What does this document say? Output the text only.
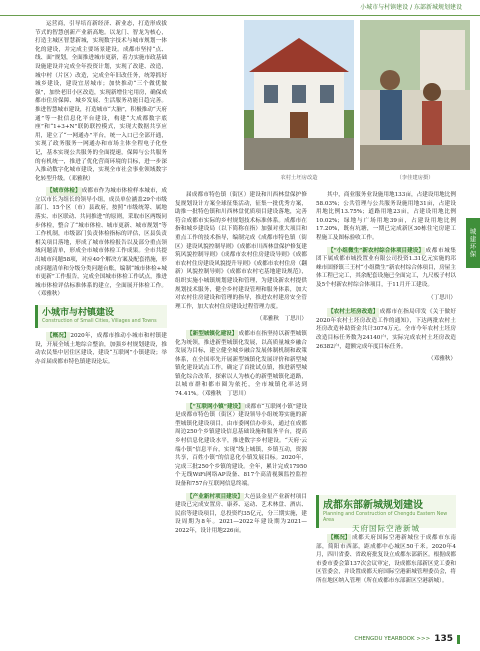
小城市与村镇建设 / 东部新城规划建设
城建环保

运营商，引导培育新经济、新业态，打造形成拔节式的智慧创新产业新高地。以龙门、智龙为核心，打造主城区智慧新城，实现数字技术与城市规划一体化的建设，并完成主要场景建设。成都市坚持“点、线、面”规划，全面推进城市更新，着力实施市政基础设施建设并完成全年投资计划，实现了改建、改造，城中村（片区）改造，完成全年旧改任务，统筹抓好城乡建设，建设宜居城市；加快推动“三个做优做强”，加快老旧小区改造，实现新增住宅用房，确保成都市住房保障、城乡发展、生活服务功能日趋完善。推进智慧城市建设，打造城市“大脑”，积极推动“天府通”等一批信息化平台建设，构建“大成都数字底座”和“1+3+N”联防联控模式，实现大数据共享应用，建立了“一网通办”平台，统一入口已全部开通，实现了政务服务一网通办和市场主体全程电子化登记，基本实现公共服务的全面提速，保障与公共服务的有机统一，推进了优化营商环境的目标，进一步深入推动数字化城市建设，实现全市社会事业领域数字化转型升级。（邓雅秋）

【城市体检】成都市作为城市体检样本城市，成立以市长为组长的领导小组，成员单位涵盖29个市级部门、15个区（市）县政府，按照“市级统筹、属地落实、市区联动、共同推进”的原则，采取市区两级同步体检，整合了“城市体检、城市更新、城市规划”等工作机制，市级部门负责体检指标的评估，区县负责相关项目落地，形成了城市体检报告以及部分重点领域问题清单，形成全市城市体检工作成果。全市共提出城市问题58项，对应40个解决方案及配套措施，形成问题清单和分级分类问题台账，编制“城市体检+城市更新”工作报告，完成全国城市体检工作试点，推进城市体检评估标准体系的建立，全面展开体检工作。（邓雅秋）

小城市与村镇建设
Construction of Small Cities, Villages and Towns

【概况】2020年，成都市推动小城市和村镇建设，开展全域土地综合整治，加强乡村规划建设，推动农民集中居住区建设，建设“互联网”小镇建设；举办首届成都市特色镇建设论坛。

农村土坯房改造	（李佳建房摄）

届成都市特色镇（街区）建设和川西林盘保护修复规划设计方案全球征集活动，征集一批优秀方案，助推一批特色镇和川西林盘优质项目建设落地，完善符合成都市实际的乡村规划技术标准体系。成都市在指和城乡建设局（以下简称在指）加强对重大项目和重点工作的技术指导，编制完成《成都市特色镇（街区）建设风貌控制导则》《成都市川西林盘保护修复建筑风貌控制导则》《成都市农村住房建设导则》《成都市农村住房建设风貌提升导则》《成都市农村住房（翻新）风貌控制导则》《成都市农村宅基地建设规范》，组织实施小城镇规划建设和管理，为建设新农村提供规划技术服务，健全乡村建设管理和服务体系，加大对农村住房建设和管理的指导，推进农村建房安全管理工作，加大农村住房建设过程管理力度。

（邓雅秋　丁思川）

【新型城镇化建设】成都市在指坚持以新型城镇化为统领，推进新型城镇化发展，以高质量城乡融合发展为目标，建立健全城乡融合发展体制机制和政策体系，在全国率先开展新型城镇化发展评价和新型城镇化建设试点工作，确定了首批试点镇，推进新型城镇化综合改革，探索以人为核心的新型城镇化道路，以城市群和都市圈为依托，全市城镇化率达到74.41%。（邓雅秋　丁思川）

【“互联网小镇”建设】成都市“互联网小镇”建设是成都市特色镇（街区）建设领导小组统筹实施的新型城镇化建设项目，由市委网信办牵头，通过在成都周边250个乡镇建设信息基础设施和服务平台，提高乡村信息化建设水平，推进数字乡村建设。“天府·云端小镇”信息平台，实现“线上城镇，乡镇互动，资源共享，百姓小镇”的信息化小镇发展目标。2020年，完成三批250个乡镇的建设。全年，累计完成17950个无线WiFi网络AP设备、817个高清视频监控监控设备和757台互联网信息终端。

【产业新村项目建设】大邑县金星产业新村项目建设已完成安置房、康养、运动、艺术林盘、酒店、民宿等建设项目，总投资约35亿元，分三期实施，建设周期为8年。2021—2022年建设期为2021—2022年，设计用地226亩。

其中，商业服务业设施用地133亩，占建设用地比例58.03%；公共管理与公共服务设施用地31亩，占建设用地比例13.75%；道路用地23亩，占建设用地比例10.02%；绿地与广场用地39亩，占建设用地比例17.20%，既有坑塘，一期已完成新区30栋住宅房建工程施工及图标验收工作。

【“小组微生”新农村综合体项目建设】成都市城集团下属成都市城投置业有限公司投资1.31亿元实施的邛崃市固驿镇三王村“小组微生”新农村综合体项目，房屋主体工程已完工，其余配套设施已全面完工，九尺板子村以及5个村新农村综合体项目，于11月开工建设。

（丁思川）

【农村土坯房改造】成都市在指局印发《关于做好2020年农村土坯房改造工作的通知》，下达两批农村土坯房改造补助资金共计3074万元。全市今年农村土坯房改造目标任务数为24140户，实际完成农村土坯房改造26382户，超额完成年度目标任务。

（邓雅秋）
成都东部新城规划建设
Planning and Construction of Chengdu Eastern New Area
天府国际空港新城

【概况】成都天府国际空港新城位于成都市东南部，简阳市西部，距成都中心城区50千米。2020年4月，四川省委、省政府批复设立成都东部新区。根据成都市委市委会第137次会议审定，设成都东部新区党工委和区管委会，并设置成都天府国际空港新城管理委员会，将所在地区纳入管理（所在成都市东部新区空港新城）。

CHENGDU YEARBOOK >>> 135
